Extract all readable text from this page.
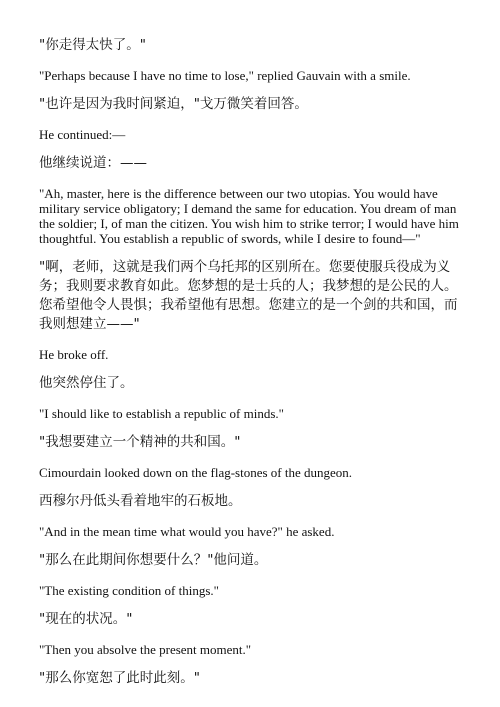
"你走得太快了。"

"Perhaps because I have no time to lose," replied Gauvain with a smile.

"也许是因为我时间紧迫，"戈万微笑着回答。

He continued:—

他继续说道：——

"Ah, master, here is the difference between our two utopias. You would have military service obligatory; I demand the same for education. You dream of man the soldier; I, of man the citizen. You wish him to strike terror; I would have him thoughtful. You establish a republic of swords, while I desire to found—"

"啊，老师，这就是我们两个乌托邦的区别所在。您要使服兵役成为义务；我则要求教育如此。您梦想的是士兵的人；我梦想的是公民的人。您希望他令人畏惧；我希望他有思想。您建立的是一个剑的共和国，而我则想建立——"

He broke off.

他突然停住了。

"I should like to establish a republic of minds."

"我想要建立一个精神的共和国。"

Cimourdain looked down on the flag-stones of the dungeon.

西穆尔丹低头看着地牢的石板地。

"And in the mean time what would you have?" he asked.

"那么在此期间你想要什么？"他问道。

"The existing condition of things."

"现在的状况。"

"Then you absolve the present moment."

"那么你宽恕了此时此刻。"
